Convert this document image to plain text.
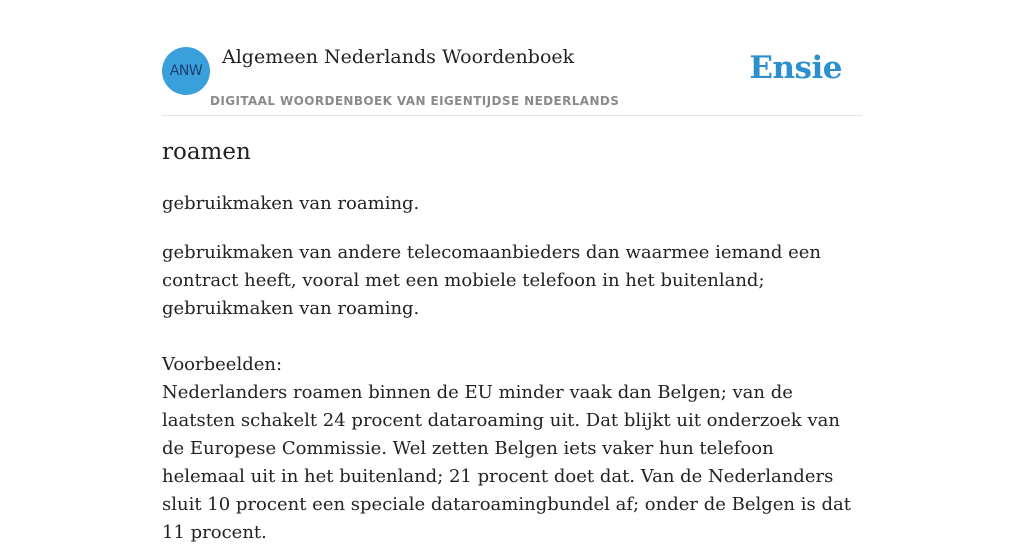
ANW
Algemeen Nederlands Woordenboek
DIGITAAL WOORDENBOEK VAN EIGENTIJDSE NEDERLANDS
Ensie
roamen
gebruikmaken van roaming.

gebruikmaken van andere telecomaanbieders dan waarmee iemand een contract heeft, vooral met een mobiele telefoon in het buitenland; gebruikmaken van roaming.

Voorbeelden:

Nederlanders roamen binnen de EU minder vaak dan Belgen; van de laatsten schakelt 24 procent dataroaming uit. Dat blijkt uit onderzoek van de Europese Commissie. Wel zetten Belgen iets vaker hun telefoon helemaal uit in het buitenland; 21 procent doet dat. Van de Nederlanders sluit 10 procent een speciale dataroamingbundel af; onder de Belgen is dat 11 procent.
